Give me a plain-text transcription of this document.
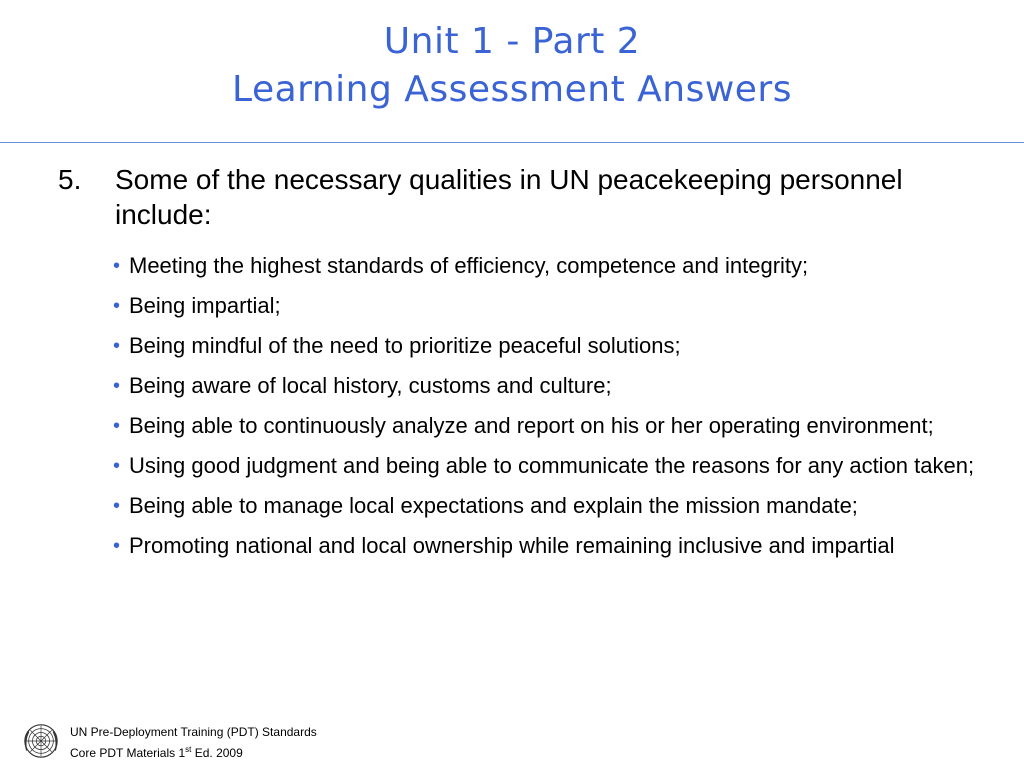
Unit 1 - Part 2
Learning Assessment Answers
5. Some of the necessary qualities in UN peacekeeping personnel include:
• Meeting the highest standards of efficiency, competence and integrity;
• Being impartial;
• Being mindful of the need to prioritize peaceful solutions;
• Being aware of local history, customs and culture;
• Being able to continuously analyze and report on his or her operating environment;
• Using good judgment and being able to communicate the reasons for any action taken;
• Being able to manage local expectations and explain the mission mandate;
• Promoting national and local ownership while remaining inclusive and impartial
UN Pre-Deployment Training (PDT) Standards
Core PDT Materials 1st Ed. 2009
